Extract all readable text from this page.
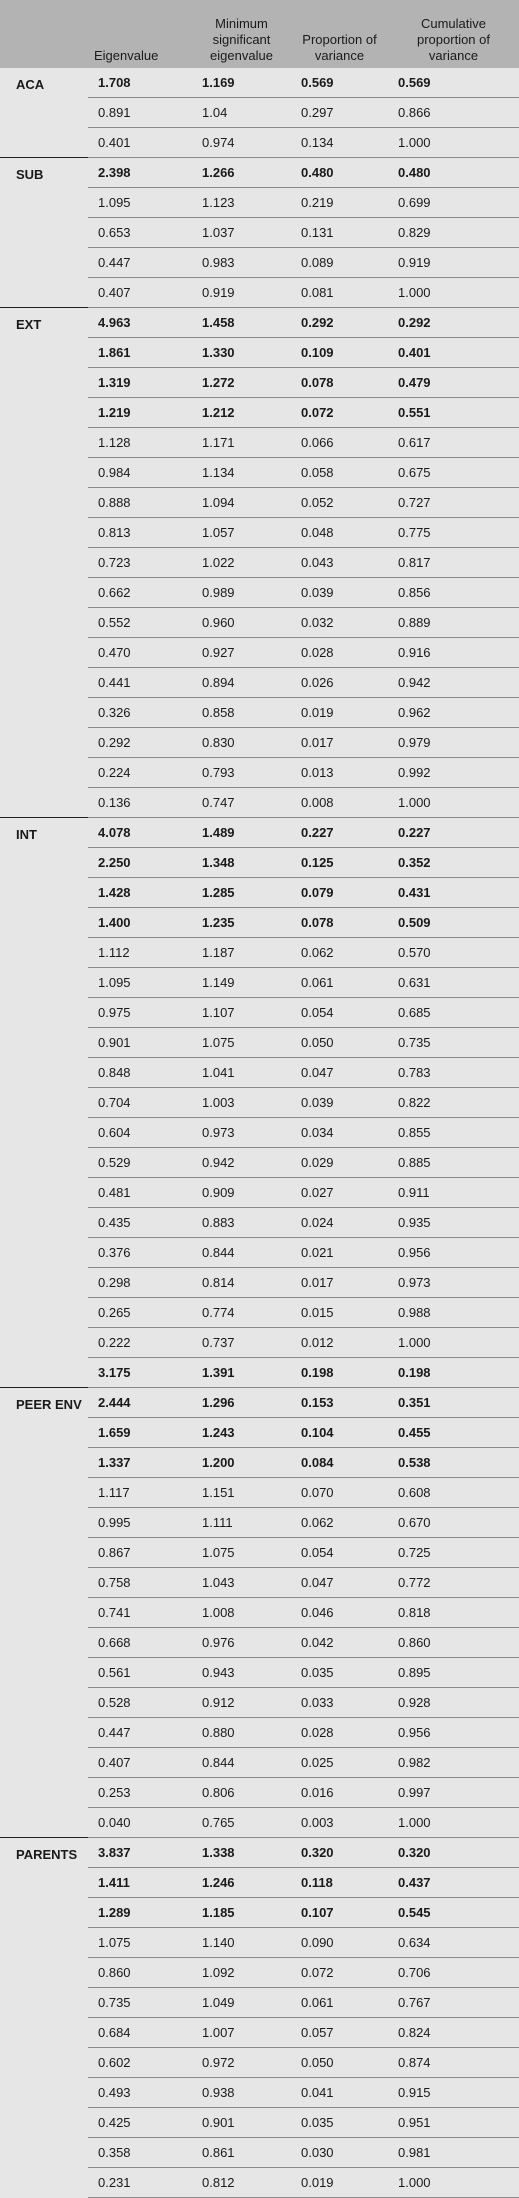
	Eigenvalue	Minimum significant eigenvalue	Proportion of variance	Cumulative proportion of variance
ACA	1.708	1.169	0.569	0.569
	0.891	1.04	0.297	0.866
	0.401	0.974	0.134	1.000
SUB	2.398	1.266	0.480	0.480
	1.095	1.123	0.219	0.699
	0.653	1.037	0.131	0.829
	0.447	0.983	0.089	0.919
	0.407	0.919	0.081	1.000
EXT	4.963	1.458	0.292	0.292
	1.861	1.330	0.109	0.401
	1.319	1.272	0.078	0.479
	1.219	1.212	0.072	0.551
	1.128	1.171	0.066	0.617
	0.984	1.134	0.058	0.675
	0.888	1.094	0.052	0.727
	0.813	1.057	0.048	0.775
	0.723	1.022	0.043	0.817
	0.662	0.989	0.039	0.856
	0.552	0.960	0.032	0.889
	0.470	0.927	0.028	0.916
	0.441	0.894	0.026	0.942
	0.326	0.858	0.019	0.962
	0.292	0.830	0.017	0.979
	0.224	0.793	0.013	0.992
	0.136	0.747	0.008	1.000
INT	4.078	1.489	0.227	0.227
	2.250	1.348	0.125	0.352
	1.428	1.285	0.079	0.431
	1.400	1.235	0.078	0.509
	1.112	1.187	0.062	0.570
	1.095	1.149	0.061	0.631
	0.975	1.107	0.054	0.685
	0.901	1.075	0.050	0.735
	0.848	1.041	0.047	0.783
	0.704	1.003	0.039	0.822
	0.604	0.973	0.034	0.855
	0.529	0.942	0.029	0.885
	0.481	0.909	0.027	0.911
	0.435	0.883	0.024	0.935
	0.376	0.844	0.021	0.956
	0.298	0.814	0.017	0.973
	0.265	0.774	0.015	0.988
	0.222	0.737	0.012	1.000
	3.175	1.391	0.198	0.198
PEER ENV	2.444	1.296	0.153	0.351
	1.659	1.243	0.104	0.455
	1.337	1.200	0.084	0.538
	1.117	1.151	0.070	0.608
	0.995	1.111	0.062	0.670
	0.867	1.075	0.054	0.725
	0.758	1.043	0.047	0.772
	0.741	1.008	0.046	0.818
	0.668	0.976	0.042	0.860
	0.561	0.943	0.035	0.895
	0.528	0.912	0.033	0.928
	0.447	0.880	0.028	0.956
	0.407	0.844	0.025	0.982
	0.253	0.806	0.016	0.997
	0.040	0.765	0.003	1.000
PARENTS	3.837	1.338	0.320	0.320
	1.411	1.246	0.118	0.437
	1.289	1.185	0.107	0.545
	1.075	1.140	0.090	0.634
	0.860	1.092	0.072	0.706
	0.735	1.049	0.061	0.767
	0.684	1.007	0.057	0.824
	0.602	0.972	0.050	0.874
	0.493	0.938	0.041	0.915
	0.425	0.901	0.035	0.951
	0.358	0.861	0.030	0.981
	0.231	0.812	0.019	1.000
